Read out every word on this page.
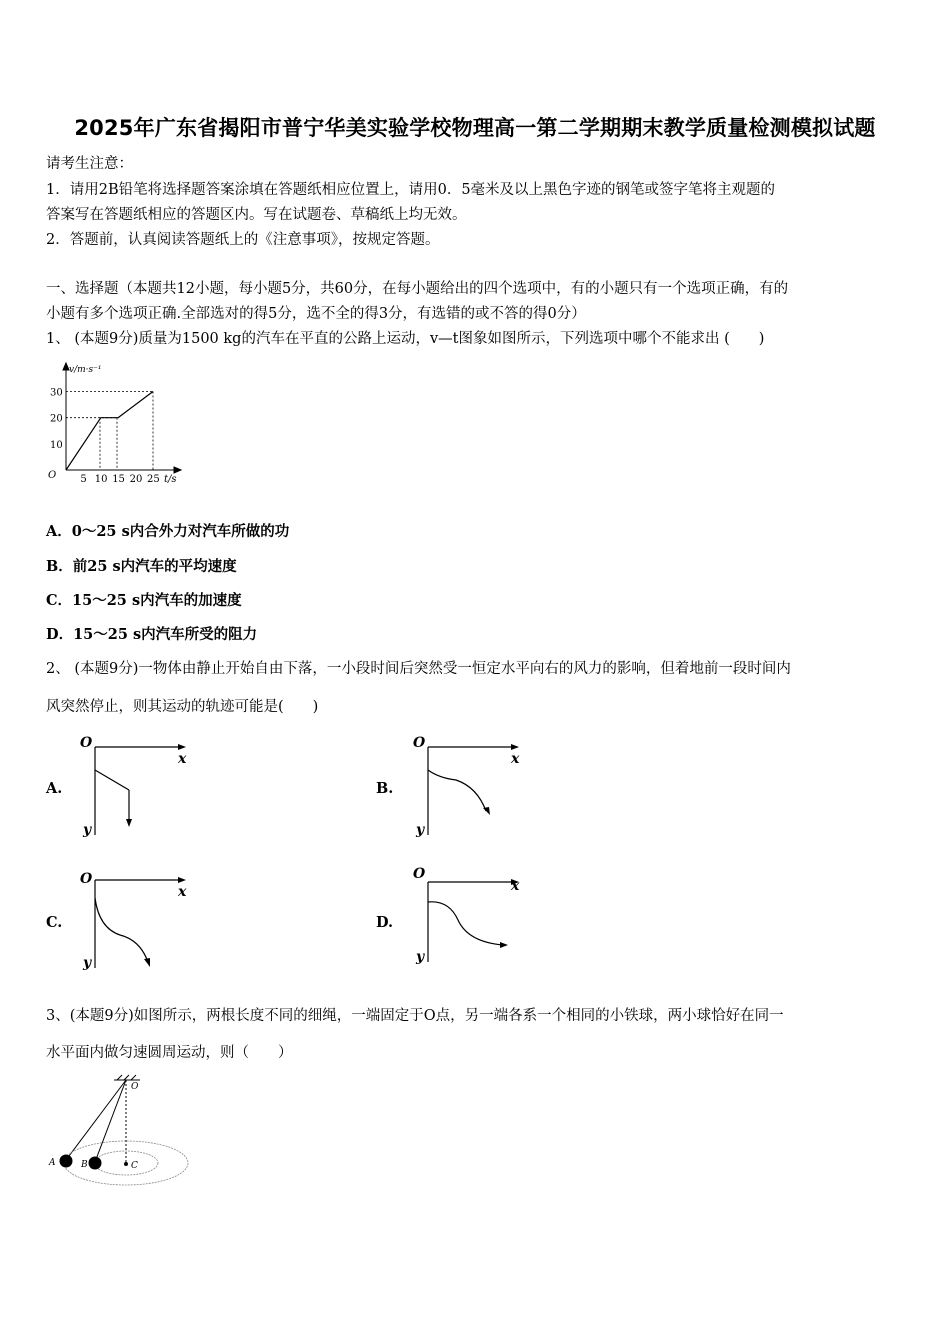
2025年广东省揭阳市普宁华美实验学校物理高一第二学期期末教学质量检测模拟试题
请考生注意：
1．请用2B铅笔将选择题答案涂填在答题纸相应位置上，请用0．5毫米及以上黑色字迹的钢笔或签字笔将主观题的
答案写在答题纸相应的答题区内。写在试题卷、草稿纸上均无效。
2．答题前，认真阅读答题纸上的《注意事项》，按规定答题。
一、选择题（本题共12小题，每小题5分，共60分，在每小题给出的四个选项中，有的小题只有一个选项正确，有的
小题有多个选项正确.全部选对的得5分，选不全的得3分，有选错的或不答的得0分）
1、 (本题9分)质量为1500 kg的汽车在平直的公路上运动，v—t图象如图所示，下列选项中哪个不能求出 (　　)
5 10 15 20 25
10
20
30
O
v/m·s⁻¹
t/s
A．0～25 s内合外力对汽车所做的功
B．前25 s内汽车的平均速度
C．15～25 s内汽车的加速度
D．15～25 s内汽车所受的阻力
2、 (本题9分)一物体由静止开始自由下落，一小段时间后突然受一恒定水平向右的风力的影响，但着地前一段时间内
风突然停止，则其运动的轨迹可能是(　　)
A.
O
x
y
B.
O
x
y
C.
O
x
y
D.
O
x
y
3、(本题9分)如图所示，两根长度不同的细绳，一端固定于O点，另一端各系一个相同的小铁球，两小球恰好在同一
水平面内做匀速圆周运动，则（　　）
O
A	B	C
